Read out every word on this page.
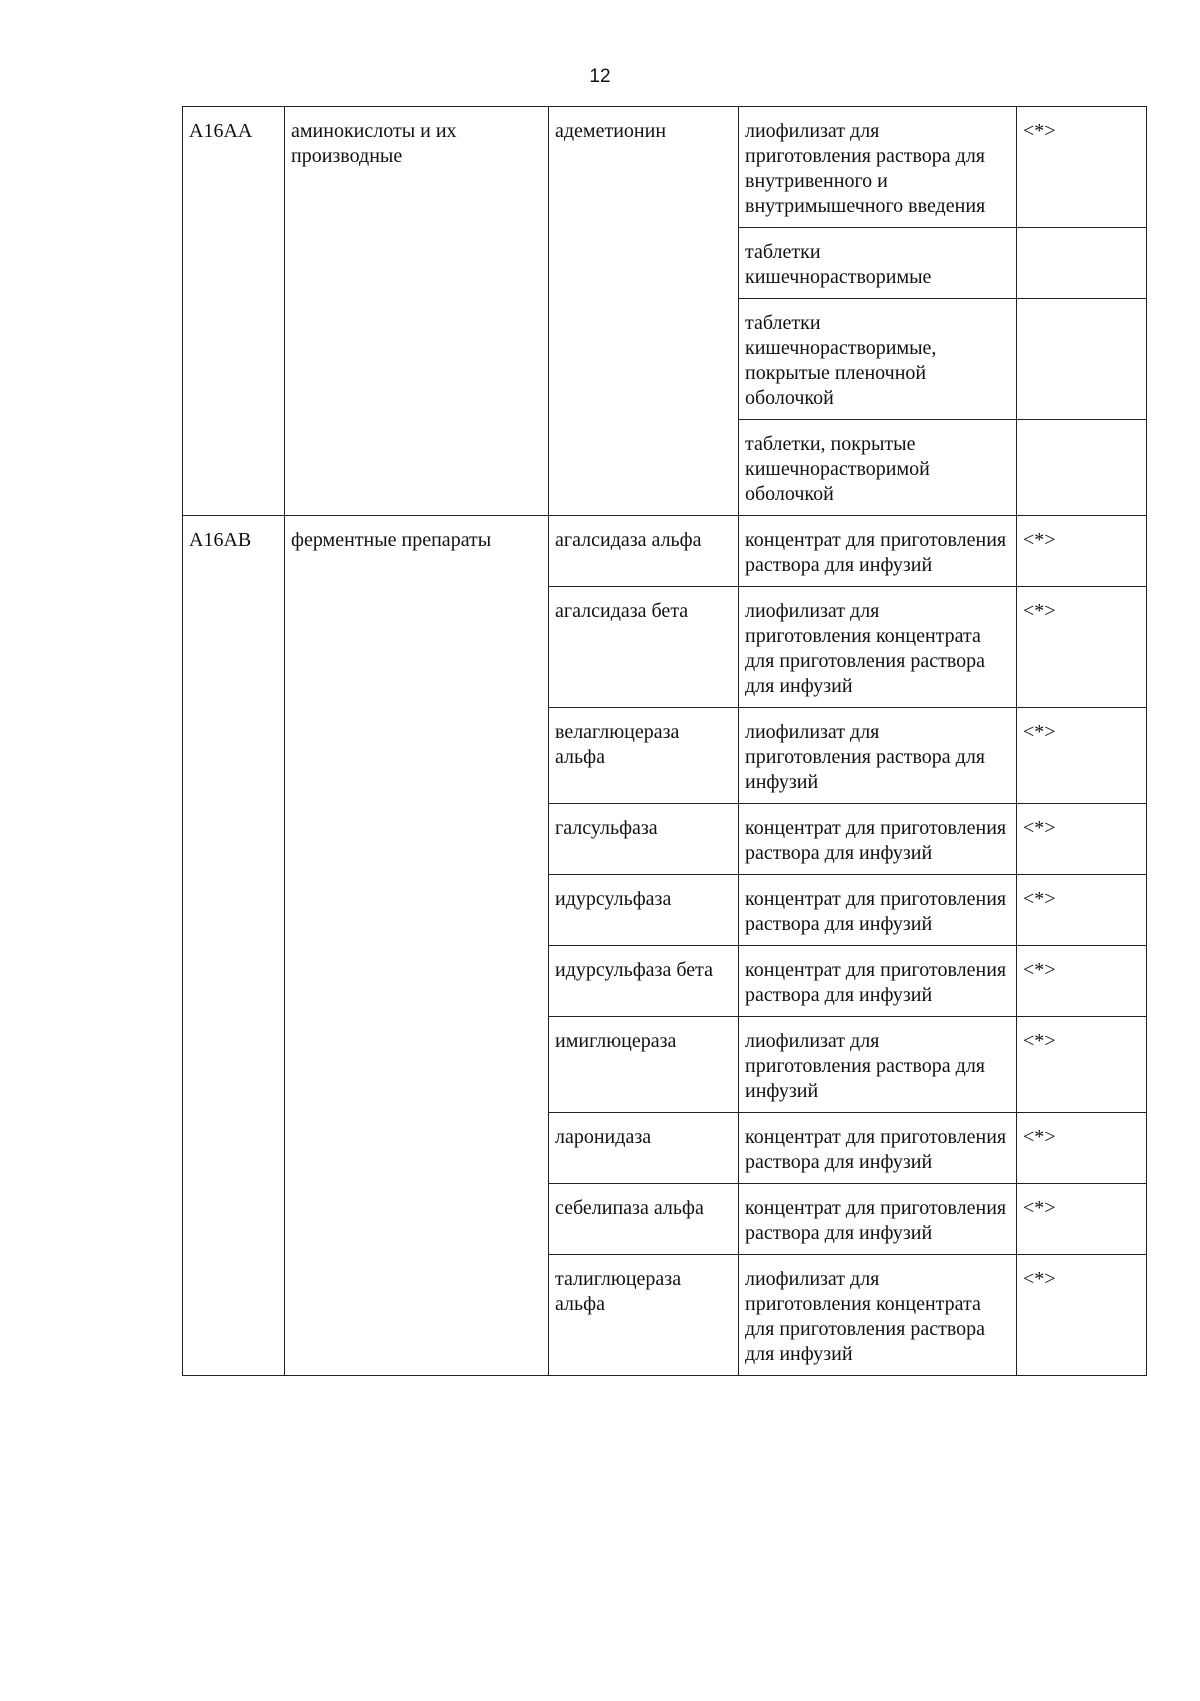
12
A16AA	аминокислоты и их производные	адеметионин	лиофилизат для приготовления раствора для внутривенного и внутримышечного введения	<*>
			таблетки кишечнорастворимые	
			таблетки кишечнорастворимые, покрытые пленочной оболочкой	
			таблетки, покрытые кишечнорастворимой оболочкой	
A16AB	ферментные препараты	агалсидаза альфа	концентрат для приготовления раствора для инфузий	<*>
		агалсидаза бета	лиофилизат для приготовления концентрата для приготовления раствора для инфузий	<*>
		велаглюцераза альфа	лиофилизат для приготовления раствора для инфузий	<*>
		галсульфаза	концентрат для приготовления раствора для инфузий	<*>
		идурсульфаза	концентрат для приготовления раствора для инфузий	<*>
		идурсульфаза бета	концентрат для приготовления раствора для инфузий	<*>
		имиглюцераза	лиофилизат для приготовления раствора для инфузий	<*>
		ларонидаза	концентрат для приготовления раствора для инфузий	<*>
		себелипаза альфа	концентрат для приготовления раствора для инфузий	<*>
		талиглюцераза альфа	лиофилизат для приготовления концентрата для приготовления раствора для инфузий	<*>
